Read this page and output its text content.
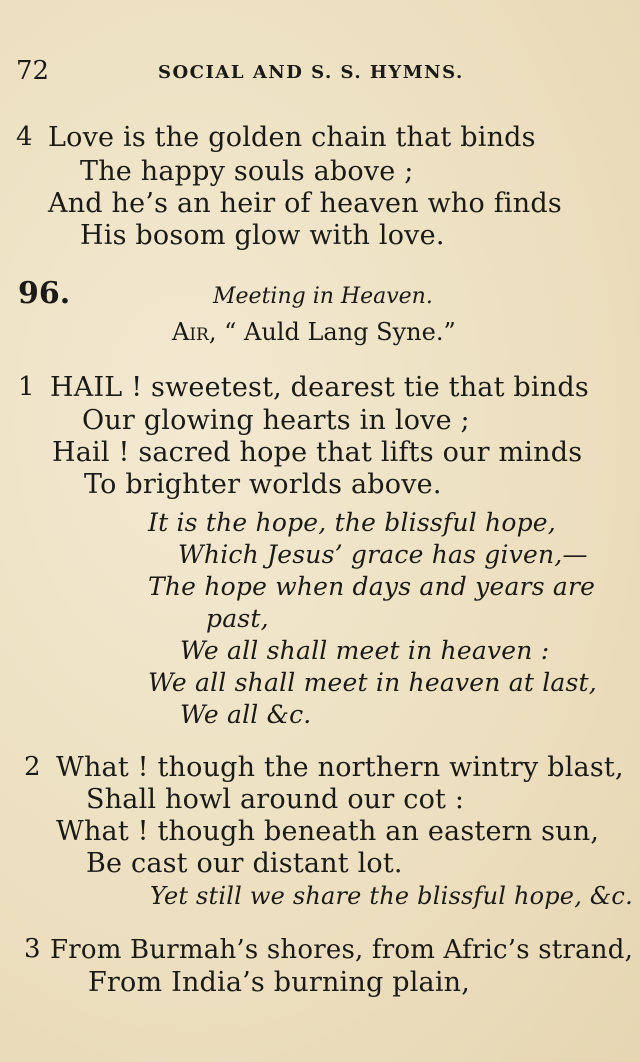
72	SOCIAL AND S. S. HYMNS.
4 Love is the golden chain that binds
The happy souls above ;
And he’s an heir of heaven who finds
His bosom glow with love.
96.	Meeting in Heaven.
Air, “ Auld Lang Syne.”
1 HAIL ! sweetest, dearest tie that binds
Our glowing hearts in love ;
Hail ! sacred hope that lifts our minds
To brighter worlds above.
It is the hope, the blissful hope,
Which Jesus’ grace has given,—
The hope when days and years are
past,
We all shall meet in heaven :
We all shall meet in heaven at last,
We all &c.
2 What ! though the northern wintry blast,
Shall howl around our cot :
What ! though beneath an eastern sun,
Be cast our distant lot.
Yet still we share the blissful hope, &c.
3 From Burmah’s shores, from Afric’s strand,
From India’s burning plain,
